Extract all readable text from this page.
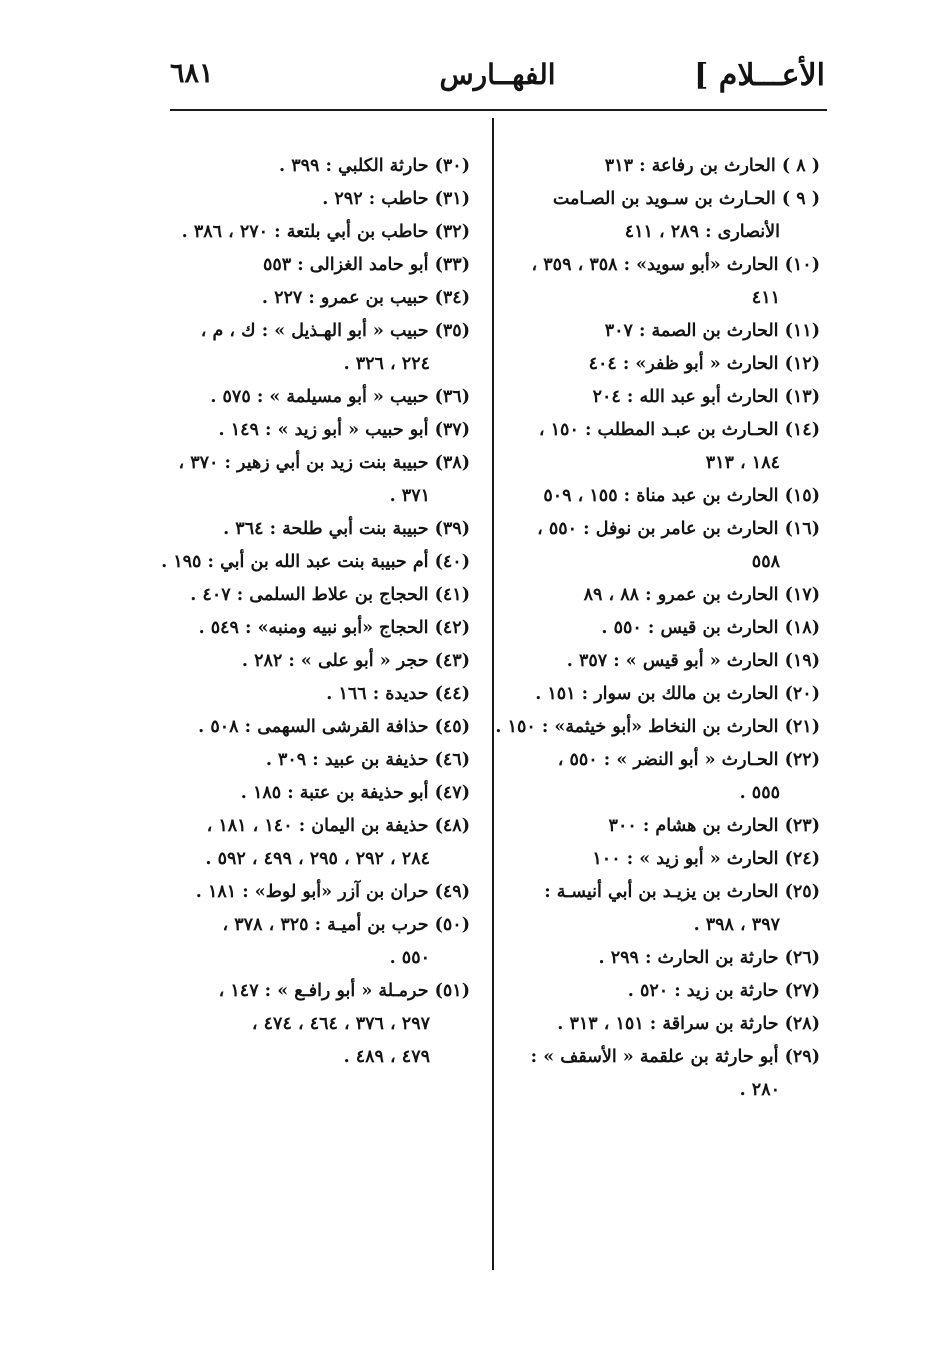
الأعـــلام ]
الفهــارس
٦٨١
( ٨ ) الحارث بن رفاعة : ٣١٣
( ٩ ) الحـارث بن سـويد بن الصـامت
الأنصارى : ٢٨٩ ، ٤١١
(١٠) الحارث «أبو سويد» : ٣٥٨ ، ٣٥٩ ،
٤١١
(١١) الحارث بن الصمة : ٣٠٧
(١٢) الحارث « أبو ظفر» : ٤٠٤
(١٣) الحارث أبو عبد الله : ٢٠٤
(١٤) الحـارث بن عبـد المطلب : ١٥٠ ،
١٨٤ ، ٣١٣
(١٥) الحارث بن عبد مناة : ١٥٥ ، ٥٠٩
(١٦) الحارث بن عامر بن نوفل : ٥٥٠ ،
٥٥٨
(١٧) الحارث بن عمرو : ٨٨ ، ٨٩
(١٨) الحارث بن قيس : ٥٥٠ .
(١٩) الحارث « أبو قيس » : ٣٥٧ .
(٢٠) الحارث بن مالك بن سوار : ١٥١ .
(٢١) الحارث بن النخاط «أبو خيثمة» : ١٥٠ .
(٢٢) الحـارث « أبو النضر » : ٥٥٠ ،
٥٥٥ .
(٢٣) الحارث بن هشام : ٣٠٠
(٢٤) الحارث « أبو زيد » : ١٠٠
(٢٥) الحارث بن يزيـد بن أبي أنيسـة :
٣٩٧ ، ٣٩٨ .
(٢٦) حارثة بن الحارث : ٢٩٩ .
(٢٧) حارثة بن زيد : ٥٢٠ .
(٢٨) حارثة بن سراقة : ١٥١ ، ٣١٣ .
(٢٩) أبو حارثة بن علقمة « الأسقف » :
٢٨٠ .
(٣٠) حارثة الكلبي : ٣٩٩ .
(٣١) حاطب : ٢٩٢ .
(٣٢) حاطب بن أبي بلتعة : ٢٧٠ ، ٣٨٦ .
(٣٣) أبو حامد الغزالى : ٥٥٣
(٣٤) حبيب بن عمرو : ٢٢٧ .
(٣٥) حبيب « أبو الهـذيل » : ك ، م ،
٢٢٤ ، ٣٢٦ .
(٣٦) حبيب « أبو مسيلمة » : ٥٧٥ .
(٣٧) أبو حبيب « أبو زيد » : ١٤٩ .
(٣٨) حبيبة بنت زيد بن أبي زهير : ٣٧٠ ،
٣٧١ .
(٣٩) حبيبة بنت أبي طلحة : ٣٦٤ .
(٤٠) أم حبيبة بنت عبد الله بن أبي : ١٩٥ .
(٤١) الحجاج بن علاط السلمى : ٤٠٧ .
(٤٢) الحجاج «أبو نبيه ومنبه» : ٥٤٩ .
(٤٣) حجر « أبو على » : ٢٨٢ .
(٤٤) حديدة : ١٦٦ .
(٤٥) حذافة القرشى السهمى : ٥٠٨ .
(٤٦) حذيفة بن عبيد : ٣٠٩ .
(٤٧) أبو حذيفة بن عتبة : ١٨٥ .
(٤٨) حذيفة بن اليمان : ١٤٠ ، ١٨١ ،
٢٨٤ ، ٢٩٢ ، ٢٩٥ ، ٤٩٩ ، ٥٩٢ .
(٤٩) حران بن آزر «أبو لوط» : ١٨١ .
(٥٠) حرب بن أميـة : ٣٢٥ ، ٣٧٨ ،
٥٥٠ .
(٥١) حرمـلة « أبو رافـع » : ١٤٧ ،
٢٩٧ ، ٣٧٦ ، ٤٦٤ ، ٤٧٤ ،
٤٧٩ ، ٤٨٩ .
